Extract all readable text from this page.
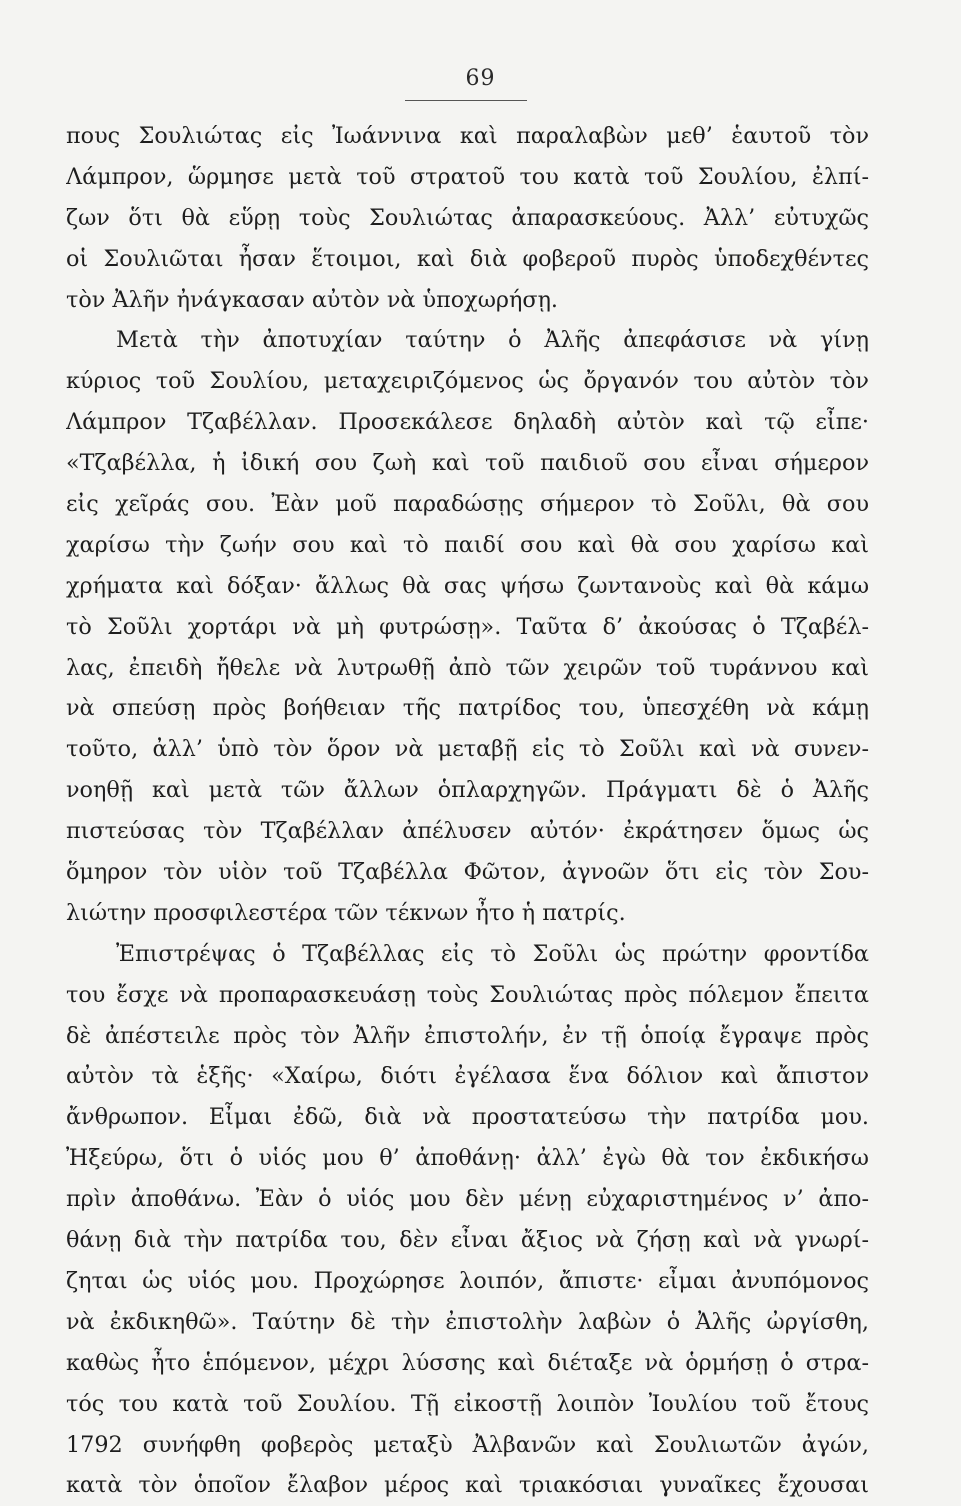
69
πους Σουλιώτας εἰς Ἰωάννινα καὶ παραλαβὼν μεθ’ ἑαυτοῦ τὸν
Λάμπρον, ὥρμησε μετὰ τοῦ στρατοῦ του κατὰ τοῦ Σουλίου, ἐλπί-
ζων ὅτι θὰ εὕρῃ τοὺς Σουλιώτας ἀπαρασκεύους. Ἀλλ’ εὐτυχῶς
οἱ Σουλιῶται ἦσαν ἕτοιμοι, καὶ διὰ φοβεροῦ πυρὸς ὑποδεχθέντες
τὸν Ἀλῆν ἠνάγκασαν αὐτὸν νὰ ὑποχωρήσῃ.
Μετὰ τὴν ἀποτυχίαν ταύτην ὁ Ἀλῆς ἀπεφάσισε νὰ γίνῃ
κύριος τοῦ Σουλίου, μεταχειριζόμενος ὡς ὄργανόν του αὐτὸν τὸν
Λάμπρον Τζαβέλλαν. Προσεκάλεσε δηλαδὴ αὐτὸν καὶ τῷ εἶπε·
«Τζαβέλλα, ἡ ἰδική σου ζωὴ καὶ τοῦ παιδιοῦ σου εἶναι σήμερον
εἰς χεῖράς σου. Ἐὰν μοῦ παραδώσῃς σήμερον τὸ Σοῦλι, θὰ σου
χαρίσω τὴν ζωήν σου καὶ τὸ παιδί σου καὶ θὰ σου χαρίσω καὶ
χρήματα καὶ δόξαν· ἄλλως θὰ σας ψήσω ζωντανοὺς καὶ θὰ κάμω
τὸ Σοῦλι χορτάρι νὰ μὴ φυτρώσῃ». Ταῦτα δ’ ἀκούσας ὁ Τζαβέλ-
λας, ἐπειδὴ ἤθελε νὰ λυτρωθῇ ἀπὸ τῶν χειρῶν τοῦ τυράννου καὶ
νὰ σπεύσῃ πρὸς βοήθειαν τῆς πατρίδος του, ὑπεσχέθη νὰ κάμῃ
τοῦτο, ἀλλ’ ὑπὸ τὸν ὅρον νὰ μεταβῇ εἰς τὸ Σοῦλι καὶ νὰ συνεν-
νοηθῇ καὶ μετὰ τῶν ἄλλων ὁπλαρχηγῶν. Πράγματι δὲ ὁ Ἀλῆς
πιστεύσας τὸν Τζαβέλλαν ἀπέλυσεν αὐτόν· ἐκράτησεν ὅμως ὡς
ὅμηρον τὸν υἱὸν τοῦ Τζαβέλλα Φῶτον, ἀγνοῶν ὅτι εἰς τὸν Σου-
λιώτην προσφιλεστέρα τῶν τέκνων ἦτο ἡ πατρίς.
Ἐπιστρέψας ὁ Τζαβέλλας εἰς τὸ Σοῦλι ὡς πρώτην φροντίδα
του ἔσχε νὰ προπαρασκευάσῃ τοὺς Σουλιώτας πρὸς πόλεμον ἔπειτα
δὲ ἀπέστειλε πρὸς τὸν Ἀλῆν ἐπιστολήν, ἐν τῇ ὁποίᾳ ἔγραψε πρὸς
αὐτὸν τὰ ἑξῆς· «Χαίρω, διότι ἐγέλασα ἕνα δόλιον καὶ ἄπιστον
ἄνθρωπον. Εἶμαι ἐδῶ, διὰ νὰ προστατεύσω τὴν πατρίδα μου.
Ἠξεύρω, ὅτι ὁ υἱός μου θ’ ἀποθάνῃ· ἀλλ’ ἐγὼ θὰ τον ἐκδικήσω
πρὶν ἀποθάνω. Ἐὰν ὁ υἱός μου δὲν μένῃ εὐχαριστημένος ν’ ἀπο-
θάνῃ διὰ τὴν πατρίδα του, δὲν εἶναι ἄξιος νὰ ζήσῃ καὶ νὰ γνωρί-
ζηται ὡς υἱός μου. Προχώρησε λοιπόν, ἄπιστε· εἶμαι ἀνυπόμονος
νὰ ἐκδικηθῶ». Ταύτην δὲ τὴν ἐπιστολὴν λαβὼν ὁ Ἀλῆς ὠργίσθη,
καθὼς ἦτο ἑπόμενον, μέχρι λύσσης καὶ διέταξε νὰ ὁρμήσῃ ὁ στρα-
τός του κατὰ τοῦ Σουλίου. Τῇ εἰκοστῇ λοιπὸν Ἰουλίου τοῦ ἔτους
1792 συνήφθη φοβερὸς μεταξὺ Ἀλβανῶν καὶ Σουλιωτῶν ἀγών,
κατὰ τὸν ὁποῖον ἔλαβον μέρος καὶ τριακόσιαι γυναῖκες ἔχουσαι
